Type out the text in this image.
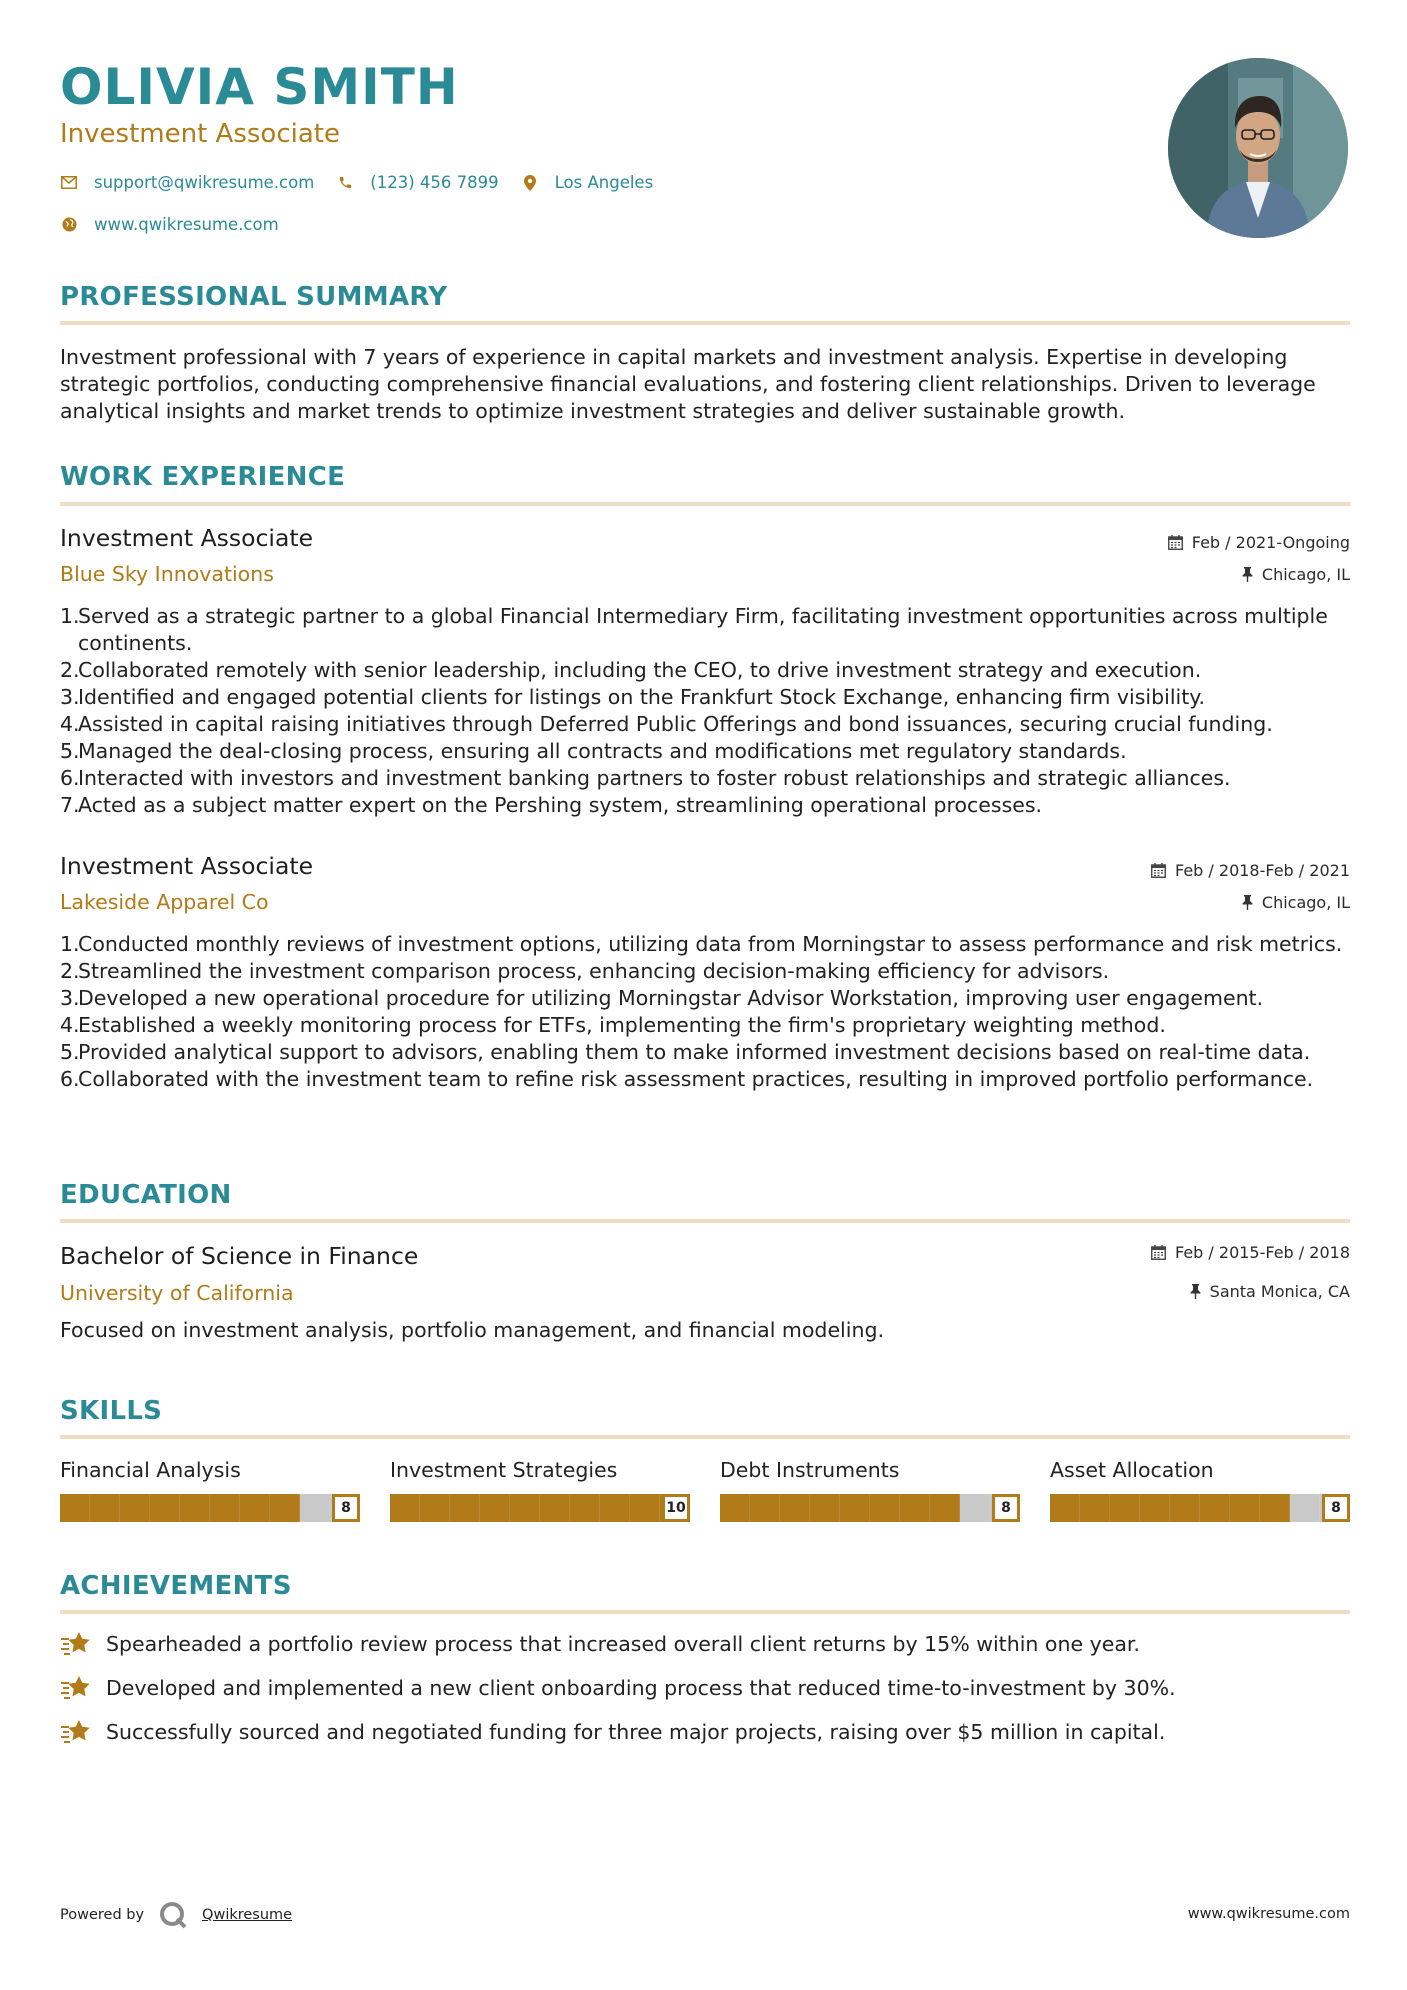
OLIVIA SMITH
Investment Associate
support@qwikresume.com	(123) 456 7899	Los Angeles
www.qwikresume.com
PROFESSIONAL SUMMARY
Investment professional with 7 years of experience in capital markets and investment analysis. Expertise in developing strategic portfolios, conducting comprehensive financial evaluations, and fostering client relationships. Driven to leverage analytical insights and market trends to optimize investment strategies and deliver sustainable growth.
WORK EXPERIENCE
Investment Associate
Blue Sky Innovations
Feb / 2021-Ongoing
Chicago, IL
1.
Served as a strategic partner to a global Financial Intermediary Firm, facilitating investment opportunities across multiple continents.
2.
Collaborated remotely with senior leadership, including the CEO, to drive investment strategy and execution.
3.
Identified and engaged potential clients for listings on the Frankfurt Stock Exchange, enhancing firm visibility.
4.
Assisted in capital raising initiatives through Deferred Public Offerings and bond issuances, securing crucial funding.
5.
Managed the deal-closing process, ensuring all contracts and modifications met regulatory standards.
6.
Interacted with investors and investment banking partners to foster robust relationships and strategic alliances.
7.
Acted as a subject matter expert on the Pershing system, streamlining operational processes.
Investment Associate
Lakeside Apparel Co
Feb / 2018-Feb / 2021
Chicago, IL
1.
Conducted monthly reviews of investment options, utilizing data from Morningstar to assess performance and risk metrics.
2.
Streamlined the investment comparison process, enhancing decision-making efficiency for advisors.
3.
Developed a new operational procedure for utilizing Morningstar Advisor Workstation, improving user engagement.
4.
Established a weekly monitoring process for ETFs, implementing the firm's proprietary weighting method.
5.
Provided analytical support to advisors, enabling them to make informed investment decisions based on real-time data.
6.
Collaborated with the investment team to refine risk assessment practices, resulting in improved portfolio performance.
EDUCATION
Bachelor of Science in Finance
University of California
Feb / 2015-Feb / 2018
Santa Monica, CA
Focused on investment analysis, portfolio management, and financial modeling.
SKILLS
Financial Analysis
8
Investment Strategies
10
Debt Instruments
8
Asset Allocation
8
ACHIEVEMENTS
Spearheaded a portfolio review process that increased overall client returns by 15% within one year.
Developed and implemented a new client onboarding process that reduced time-to-investment by 30%.
Successfully sourced and negotiated funding for three major projects, raising over $5 million in capital.
Powered by	Qwikresume	www.qwikresume.com
